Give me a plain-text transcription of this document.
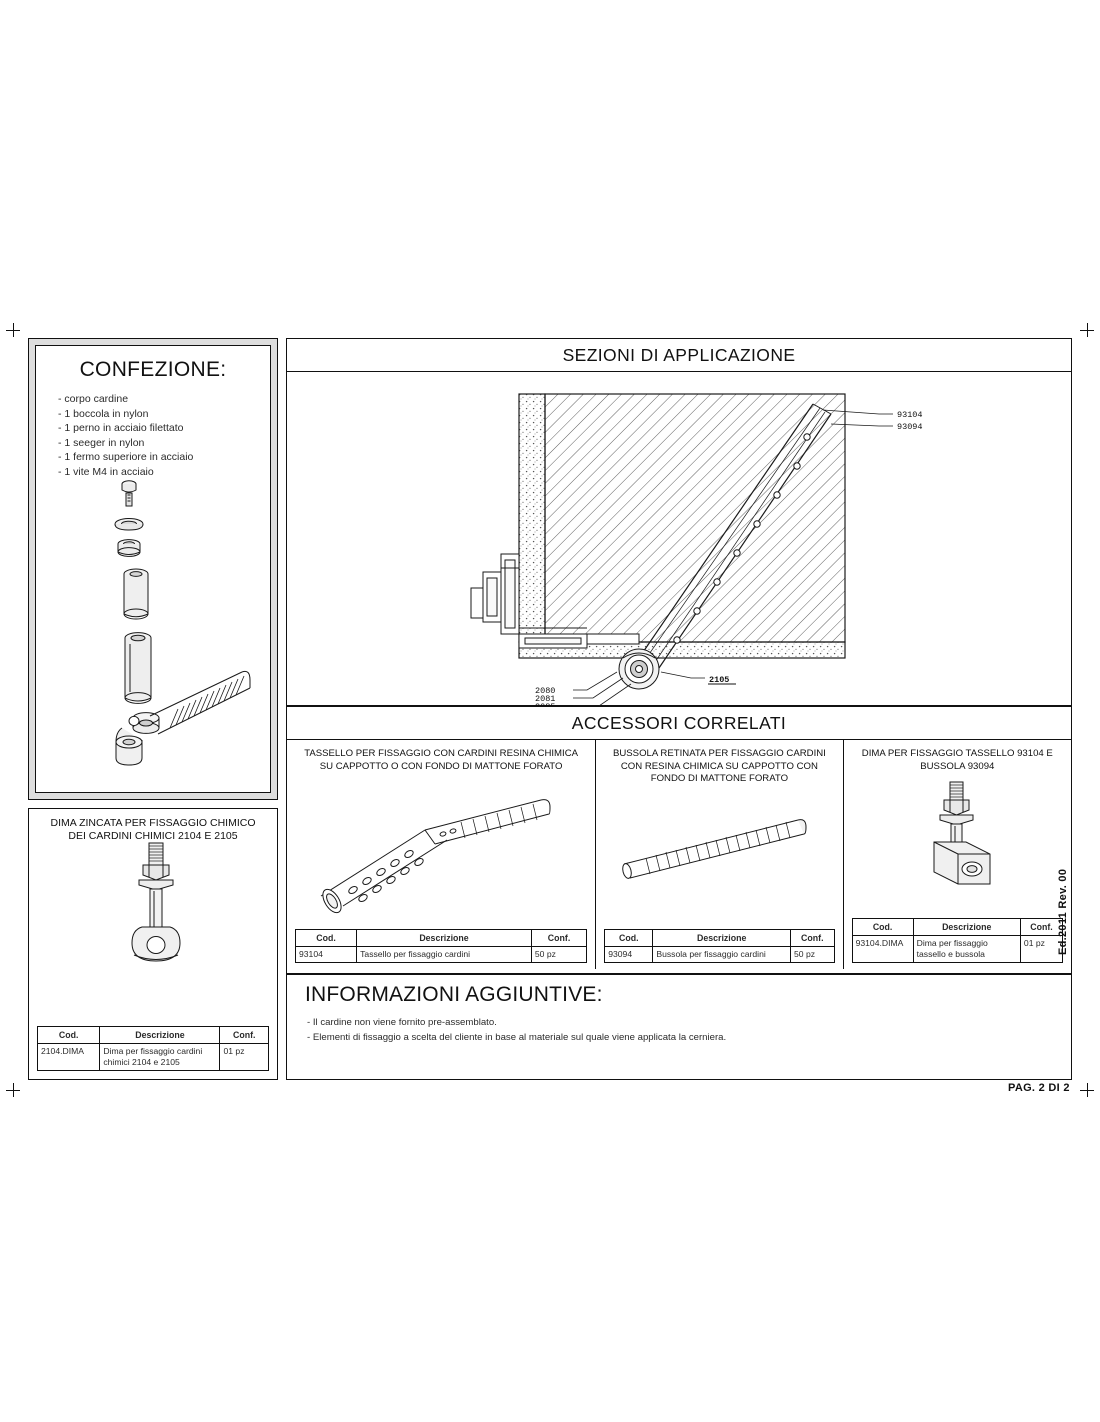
CONFEZIONE:
- corpo cardine
- 1 boccola in nylon
- 1 perno in acciaio filettato
- 1 seeger in nylon
- 1 fermo superiore in acciaio
- 1 vite M4 in acciaio
DIMA ZINCATA PER FISSAGGIO CHIMICO
DEI CARDINI CHIMICI 2104 E 2105
Cod.	Descrizione	Conf.
2104.DIMA	Dima per fissaggio cardini chimici 2104 e 2105	01 pz
SEZIONI DI APPLICAZIONE
93104
93094
2080
2081
2105
ACCESSORI CORRELATI
TASSELLO PER FISSAGGIO CON CARDINI RESINA CHIMICA SU CAPPOTTO O CON FONDO DI MATTONE FORATO
Cod.	Descrizione	Conf.
93104	Tassello per fissaggio cardini	50 pz
BUSSOLA RETINATA PER FISSAGGIO CARDINI CON RESINA CHIMICA SU CAPPOTTO CON FONDO DI MATTONE FORATO
Cod.	Descrizione	Conf.
93094	Bussola per fissaggio cardini	50 pz
DIMA PER FISSAGGIO TASSELLO 93104 E BUSSOLA 93094
Cod.	Descrizione	Conf.
93104.DIMA	Dima per fissaggio tassello e bussola	01 pz
INFORMAZIONI AGGIUNTIVE:
- Il cardine non viene fornito pre-assemblato.
- Elementi di fissaggio a scelta del cliente in base al materiale sul quale viene applicata la cerniera.
Ed.2011 Rev. 00
PAG. 2 DI 2
